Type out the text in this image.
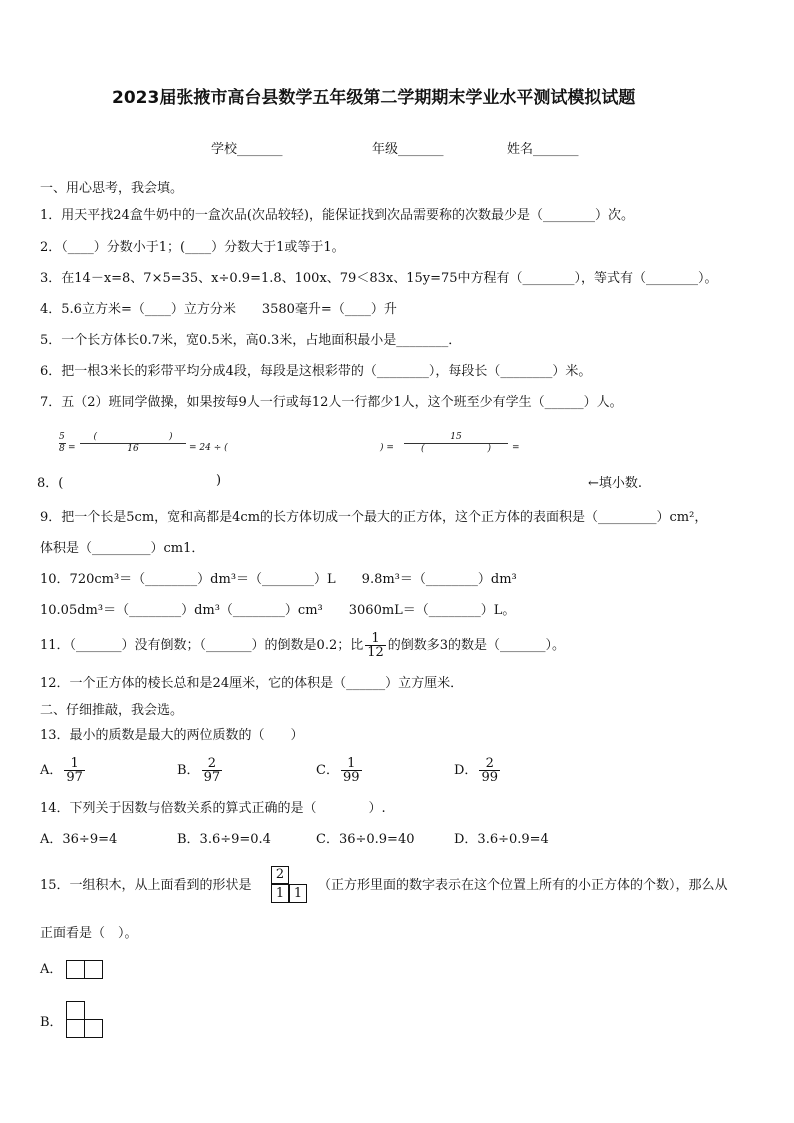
2023届张掖市高台县数学五年级第二学期期末学业水平测试模拟试题
学校_______	年级_______	姓名_______
一、用心思考，我会填。
1．用天平找24盒牛奶中的一盒次品(次品较轻)，能保证找到次品需要称的次数最少是（________）次。
2．（____）分数小于1；(____）分数大于1或等于1。
3．在14－x=8、7×5=35、x÷0.9=1.8、100x、79＜83x、15y=75中方程有（________），等式有（________）。
4．5.6立方米=（____）立方分米　　3580毫升=（____）升
5．一个长方体长0.7米，宽0.5米，高0.3米，占地面积最小是________．
6．把一根3米长的彩带平均分成4段，每段是这根彩带的（________），每段长（________）米。
7．五（2）班同学做操，如果按每9人一行或每12人一行都少1人，这个班至少有学生（______）人。
5
8 =
(　　　　　　　　)
16	= 24 ÷ (	) =
15
(　　　　　　　)	=
8．(	)	←填小数.
9．把一个长是5cm，宽和高都是4cm的长方体切成一个最大的正方体，这个正方体的表面积是（_________）cm²，
体积是（_________）cm1．
10．720cm³＝（________）dm³＝（________）L　　9.8m³＝（________）dm³
10.05dm³＝（________）dm³（________）cm³　　3060mL＝（________）L。
11．（_______）没有倒数；（_______）的倒数是0.2；比 $\frac{1}{12}$ 的倒数多3的数是（_______）。
12．一个正方体的棱长总和是24厘米，它的体积是（______）立方厘米．
二、仔细推敲，我会选。
13．最小的质数是最大的两位质数的（　　）
A． $\frac{1}{97}$	B． $\frac{2}{97}$	C． $\frac{1}{99}$	D． $\frac{2}{99}$
14．下列关于因数与倍数关系的算式正确的是（　　　　）.
A．36÷9=4	B．3.6÷9=0.4	C．36÷0.9=40	D．3.6÷0.9=4
15．一组积木，从上面看到的形状是
2
1 1
（正方形里面的数字表示在这个位置上所有的小正方体的个数），那么从
正面看是（　）。
A．
B．
